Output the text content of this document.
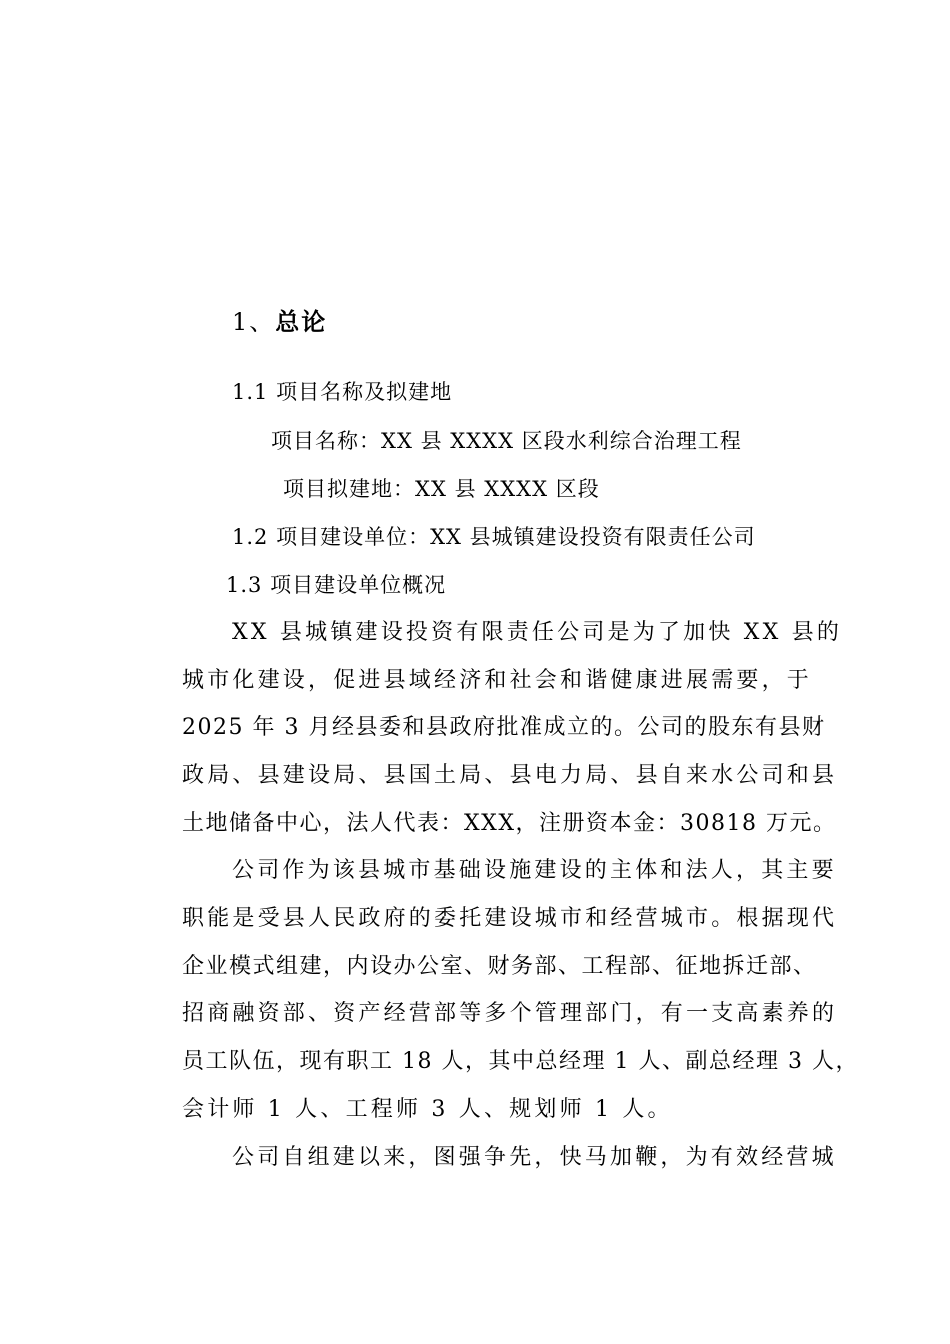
1、总论
1.1 项目名称及拟建地
项目名称：XX 县 XXXX 区段水利综合治理工程
项目拟建地：XX 县 XXXX 区段
1.2 项目建设单位：XX 县城镇建设投资有限责任公司
1.3 项目建设单位概况
XX 县城镇建设投资有限责任公司是为了加快 XX 县的
城市化建设，促进县域经济和社会和谐健康进展需要，于
2025 年 3 月经县委和县政府批准成立的。公司的股东有县财
政局、县建设局、县国土局、县电力局、县自来水公司和县
土地储备中心，法人代表：XXX，注册资本金：30818 万元。
公司作为该县城市基础设施建设的主体和法人，其主要
职能是受县人民政府的委托建设城市和经营城市。根据现代
企业模式组建，内设办公室、财务部、工程部、征地拆迁部、
招商融资部、资产经营部等多个管理部门，有一支高素养的
员工队伍，现有职工 18 人，其中总经理 1 人、副总经理 3 人，
会计师 1 人、工程师 3 人、规划师 1 人。
公司自组建以来，图强争先，快马加鞭，为有效经营城
